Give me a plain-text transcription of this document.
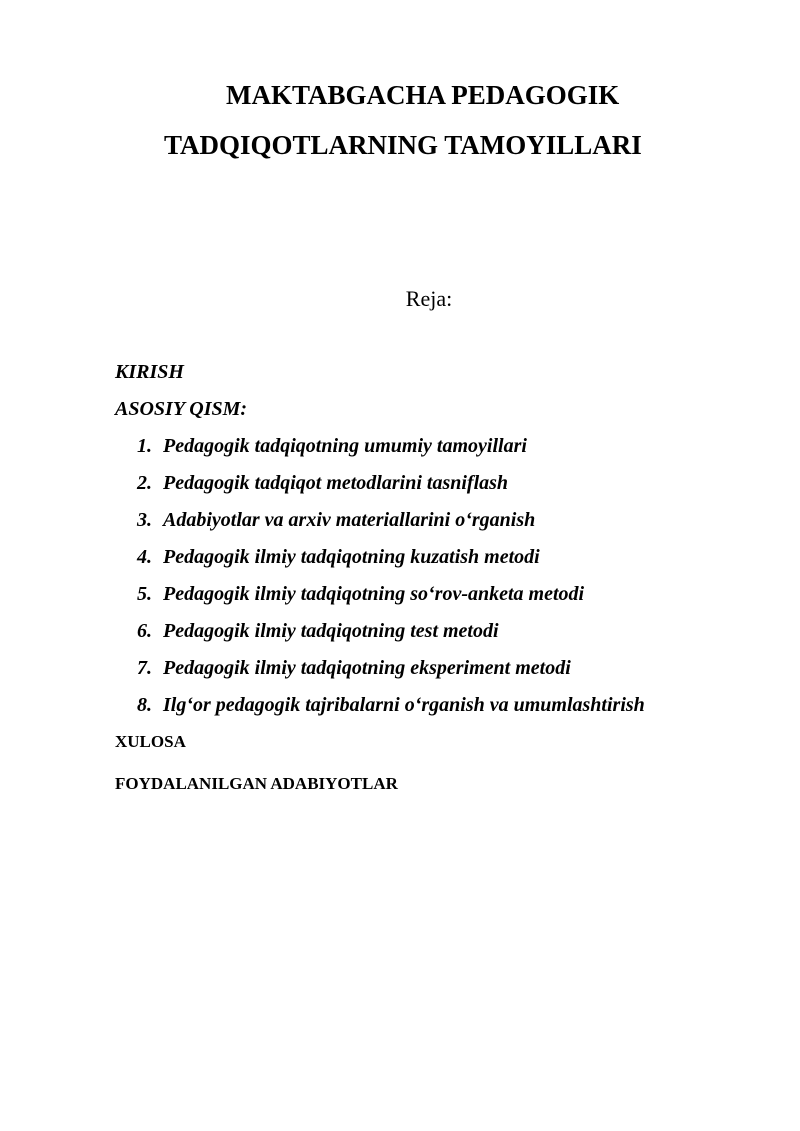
MAKTABGACHA PEDAGOGIK
TADQIQOTLARNING TAMOYILLARI
Reja:
KIRISH
ASOSIY QISM:
1. Pedagogik tadqiqotning umumiy tamoyillari
2. Pedagogik tadqiqot metodlarini tasniflash
3. Adabiyotlar va arxiv materiallarini o‘rganish
4. Pedagogik ilmiy tadqiqotning kuzatish metodi
5. Pedagogik ilmiy tadqiqotning so‘rov-anketa metodi
6. Pedagogik ilmiy tadqiqotning test metodi
7. Pedagogik ilmiy tadqiqotning eksperiment metodi
8. Ilg‘or pedagogik tajribalarni o‘rganish va umumlashtirish
XULOSA
FOYDALANILGAN ADABIYOTLAR
